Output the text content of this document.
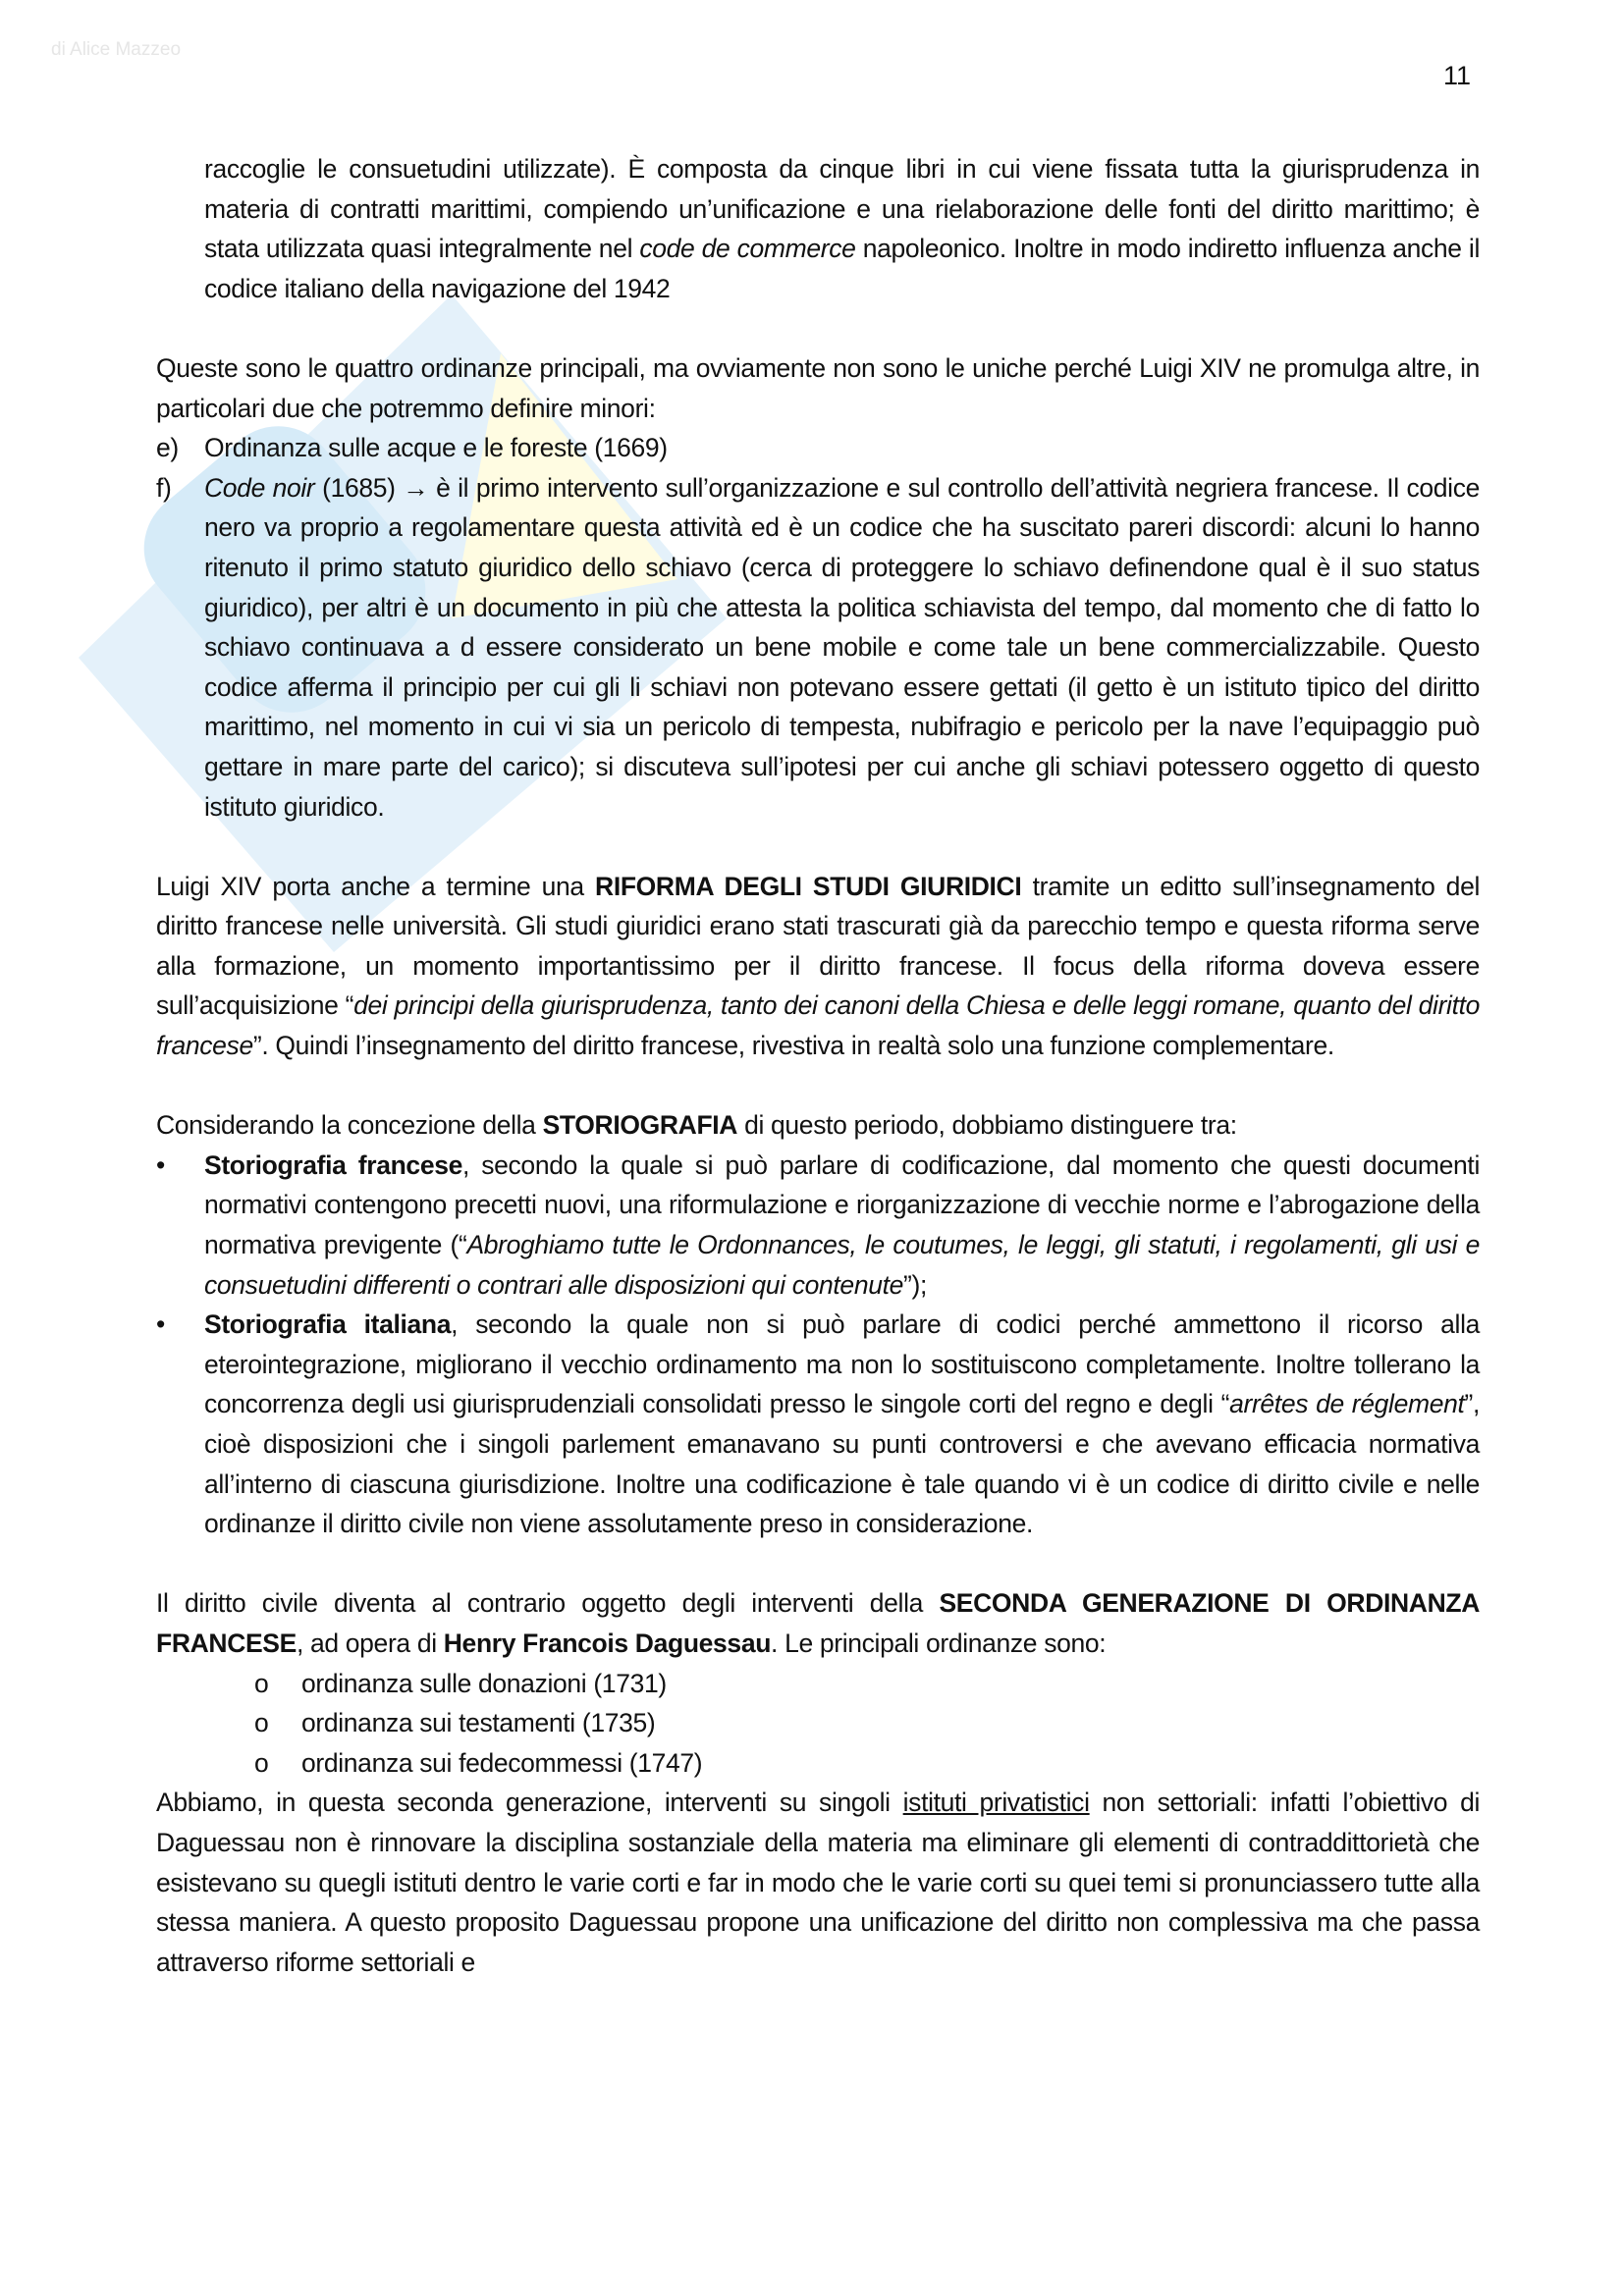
di Alice Mazzeo
11

raccoglie le consuetudini utilizzate). È composta da cinque libri in cui viene fissata tutta la giurisprudenza in materia di contratti marittimi, compiendo un’unificazione e una rielaborazione delle fonti del diritto marittimo; è stata utilizzata quasi integralmente nel code de commerce napoleonico. Inoltre in modo indiretto influenza anche il codice italiano della navigazione del 1942

Queste sono le quattro ordinanze principali, ma ovviamente non sono le uniche perché Luigi XIV ne promulga altre, in particolari due che potremmo definire minori:

e) Ordinanza sulle acque e le foreste (1669)

f) Code noir (1685) → è il primo intervento sull’organizzazione e sul controllo dell’attività negriera francese. Il codice nero va proprio a regolamentare questa attività ed è un codice che ha suscitato pareri discordi: alcuni lo hanno ritenuto il primo statuto giuridico dello schiavo (cerca di proteggere lo schiavo definendone qual è il suo status giuridico), per altri è un documento in più che attesta la politica schiavista del tempo, dal momento che di fatto lo schiavo continuava a d essere considerato un bene mobile e come tale un bene commercializzabile. Questo codice afferma il principio per cui gli li schiavi non potevano essere gettati (il getto è un istituto tipico del diritto marittimo, nel momento in cui vi sia un pericolo di tempesta, nubifragio e pericolo per la nave l’equipaggio può gettare in mare parte del carico); si discuteva sull’ipotesi per cui anche gli schiavi potessero oggetto di questo istituto giuridico.

Luigi XIV porta anche a termine una RIFORMA DEGLI STUDI GIURIDICI tramite un editto sull’insegnamento del diritto francese nelle università. Gli studi giuridici erano stati trascurati già da parecchio tempo e questa riforma serve alla formazione, un momento importantissimo per il diritto francese. Il focus della riforma doveva essere sull’acquisizione “dei principi della giurisprudenza, tanto dei canoni della Chiesa e delle leggi romane, quanto del diritto francese”. Quindi l’insegnamento del diritto francese, rivestiva in realtà solo una funzione complementare.

Considerando la concezione della STORIOGRAFIA di questo periodo, dobbiamo distinguere tra:
• Storiografia francese, secondo la quale si può parlare di codificazione, dal momento che questi documenti normativi contengono precetti nuovi, una riformulazione e riorganizzazione di vecchie norme e l’abrogazione della normativa previgente (“Abroghiamo tutte le Ordonnances, le coutumes, le leggi, gli statuti, i regolamenti, gli usi e consuetudini differenti o contrari alle disposizioni qui contenute”);

• Storiografia italiana, secondo la quale non si può parlare di codici perché ammettono il ricorso alla eterointegrazione, migliorano il vecchio ordinamento ma non lo sostituiscono completamente. Inoltre tollerano la concorrenza degli usi giurisprudenziali consolidati presso le singole corti del regno e degli “arrêtes de réglement”, cioè disposizioni che i singoli parlement emanavano su punti controversi e che avevano efficacia normativa all’interno di ciascuna giurisdizione. Inoltre una codificazione è tale quando vi è un codice di diritto civile e nelle ordinanze il diritto civile non viene assolutamente preso in considerazione.

Il diritto civile diventa al contrario oggetto degli interventi della SECONDA GENERAZIONE DI ORDINANZA FRANCESE, ad opera di Henry Francois Daguessau. Le principali ordinanze sono:
o ordinanza sulle donazioni (1731)
o ordinanza sui testamenti (1735)
o ordinanza sui fedecommessi (1747)

Abbiamo, in questa seconda generazione, interventi su singoli istituti privatistici non settoriali: infatti l’obiettivo di Daguessau non è rinnovare la disciplina sostanziale della materia ma eliminare gli elementi di contraddittorietà che esistevano su quegli istituti dentro le varie corti e far in modo che le varie corti su quei temi si pronunciassero tutte alla stessa maniera. A questo proposito Daguessau propone una unificazione del diritto non complessiva ma che passa attraverso riforme settoriali e
